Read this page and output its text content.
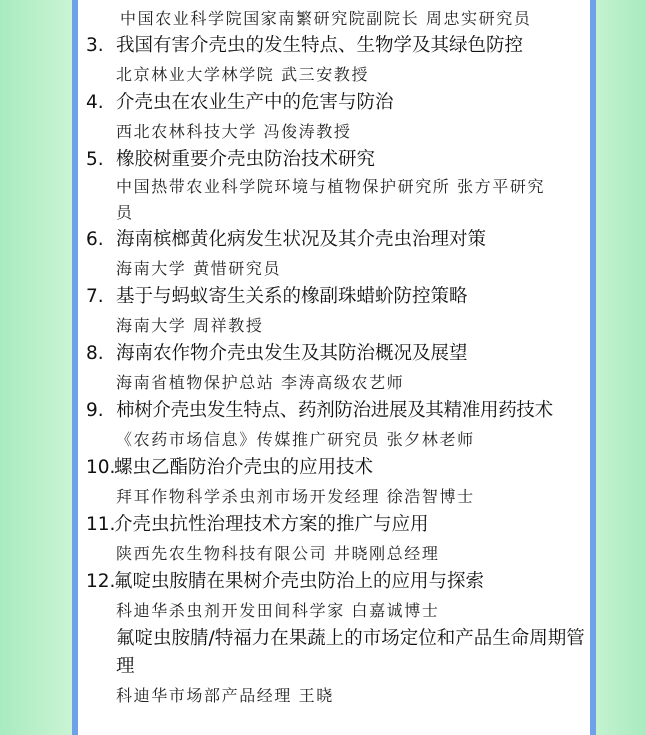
中国农业科学院国家南繁研究院副院长 周忠实研究员

3. 我国有害介壳虫的发生特点、生物学及其绿色防控

北京林业大学林学院 武三安教授

4. 介壳虫在农业生产中的危害与防治

西北农林科技大学 冯俊涛教授

5. 橡胶树重要介壳虫防治技术研究

中国热带农业科学院环境与植物保护研究所 张方平研究员

6. 海南槟榔黄化病发生状况及其介壳虫治理对策

海南大学 黄惜研究员

7. 基于与蚂蚁寄生关系的橡副珠蜡蚧防控策略

海南大学 周祥教授

8. 海南农作物介壳虫发生及其防治概况及展望

海南省植物保护总站 李涛高级农艺师

9. 柿树介壳虫发生特点、药剂防治进展及其精准用药技术

《农药市场信息》传媒推广研究员 张夕林老师

10.螺虫乙酯防治介壳虫的应用技术

拜耳作物科学杀虫剂市场开发经理 徐浩智博士

11.介壳虫抗性治理技术方案的推广与应用

陕西先农生物科技有限公司 井晓刚总经理

12.氟啶虫胺腈在果树介壳虫防治上的应用与探索

科迪华杀虫剂开发田间科学家 白嘉诚博士

氟啶虫胺腈/特福力在果蔬上的市场定位和产品生命周期管理

科迪华市场部产品经理 王晓
